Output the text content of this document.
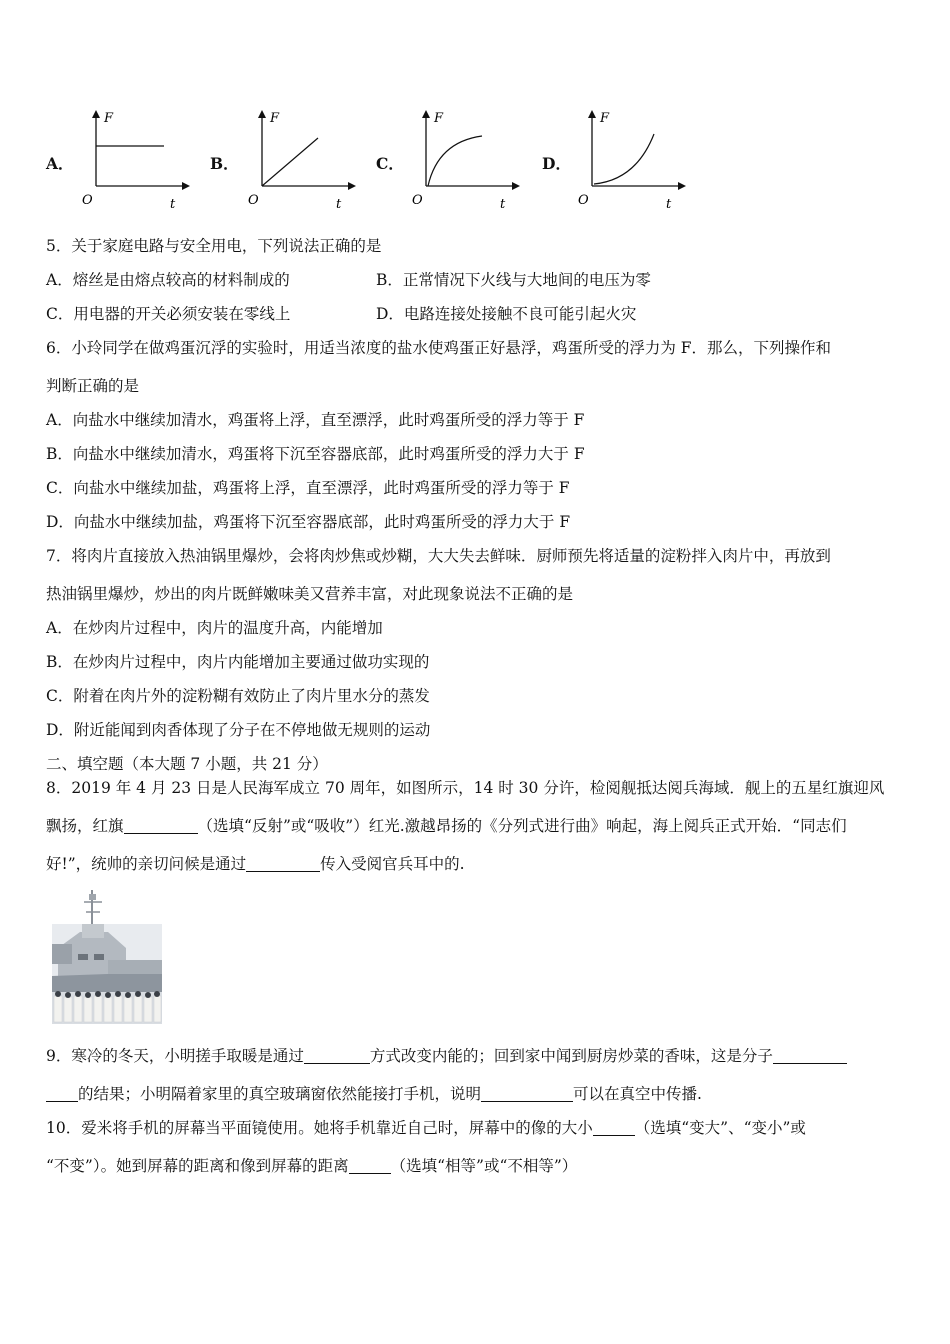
A．
F
O	t
B．
F
O	t
C．
F
O	t
D．
F
O	t
5．关于家庭电路与安全用电，下列说法正确的是
A．熔丝是由熔点较高的材料制成的	B．正常情况下火线与大地间的电压为零
C．用电器的开关必须安装在零线上	D．电路连接处接触不良可能引起火灾
6．小玲同学在做鸡蛋沉浮的实验时，用适当浓度的盐水使鸡蛋正好悬浮，鸡蛋所受的浮力为 F．那么，下列操作和
判断正确的是
A．向盐水中继续加清水，鸡蛋将上浮，直至漂浮，此时鸡蛋所受的浮力等于 F
B．向盐水中继续加清水，鸡蛋将下沉至容器底部，此时鸡蛋所受的浮力大于 F
C．向盐水中继续加盐，鸡蛋将上浮，直至漂浮，此时鸡蛋所受的浮力等于 F
D．向盐水中继续加盐，鸡蛋将下沉至容器底部，此时鸡蛋所受的浮力大于 F
7．将肉片直接放入热油锅里爆炒，会将肉炒焦或炒糊，大大失去鲜味．厨师预先将适量的淀粉拌入肉片中，再放到
热油锅里爆炒，炒出的肉片既鲜嫩味美又营养丰富，对此现象说法不正确的是
A．在炒肉片过程中，肉片的温度升高，内能增加
B．在炒肉片过程中，肉片内能增加主要通过做功实现的
C．附着在肉片外的淀粉糊有效防止了肉片里水分的蒸发
D．附近能闻到肉香体现了分子在不停地做无规则的运动
二、填空题（本大题 7 小题，共 21 分）
8．2019 年 4 月 23 日是人民海军成立 70 周年，如图所示，14 时 30 分许，检阅舰抵达阅兵海域．舰上的五星红旗迎风
飘扬，红旗	（选填“反射”或“吸收”）红光.激越昂扬的《分列式进行曲》响起，海上阅兵正式开始．“同志们
好!”，统帅的亲切问候是通过	传入受阅官兵耳中的.
9．寒冷的冬天，小明搓手取暖是通过	方式改变内能的；回到家中闻到厨房炒菜的香味，这是分子
的结果；小明隔着家里的真空玻璃窗依然能接打手机，说明	可以在真空中传播.
10．爱米将手机的屏幕当平面镜使用。她将手机靠近自己时，屏幕中的像的大小	（选填“变大”、“变小”或
“不变”）。她到屏幕的距离和像到屏幕的距离	（选填“相等”或“不相等”）
